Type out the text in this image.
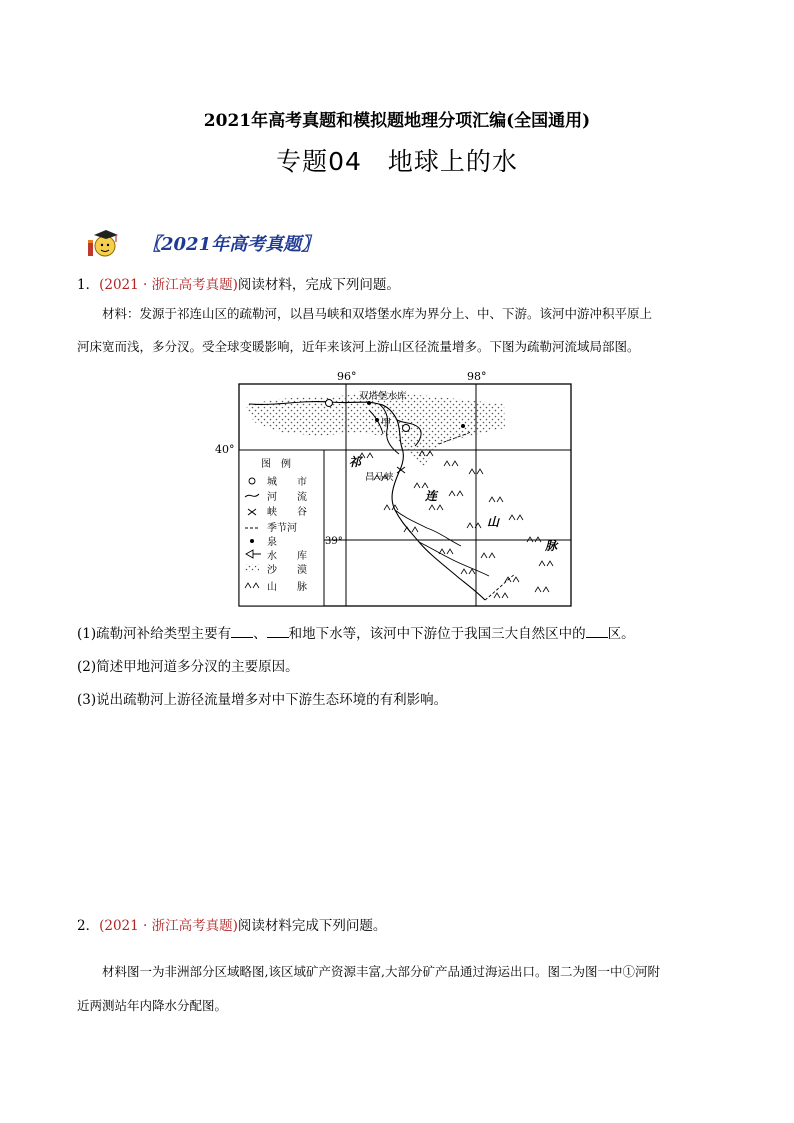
2021年高考真题和模拟题地理分项汇编(全国通用)
专题04　地球上的水
〖2021年高考真题〗
1．(2021 · 浙江高考真题)阅读材料，完成下列问题。
材料：发源于祁连山区的疏勒河，以昌马峡和双塔堡水库为界分上、中、下游。该河中游冲积平原上
河床宽而浅，多分汊。受全球变暖影响，近年来该河上游山区径流量增多。下图为疏勒河流域局部图。
96°	98°
40°
39°
双塔堡水库
甲
昌马峡
祁
连
山
脉
图　例
城　　市
河　　流
峡　　谷
季节河
泉
水　　库
沙　　漠
山　　脉
(1)疏勒河补给类型主要有 、 和地下水等，该河中下游位于我国三大自然区中的 区。
(2)简述甲地河道多分汊的主要原因。
(3)说出疏勒河上游径流量增多对中下游生态环境的有利影响。
2．(2021 · 浙江高考真题)阅读材料完成下列问题。
材料图一为非洲部分区域略图,该区域矿产资源丰富,大部分矿产品通过海运出口。图二为图一中①河附
近两测站年内降水分配图。
